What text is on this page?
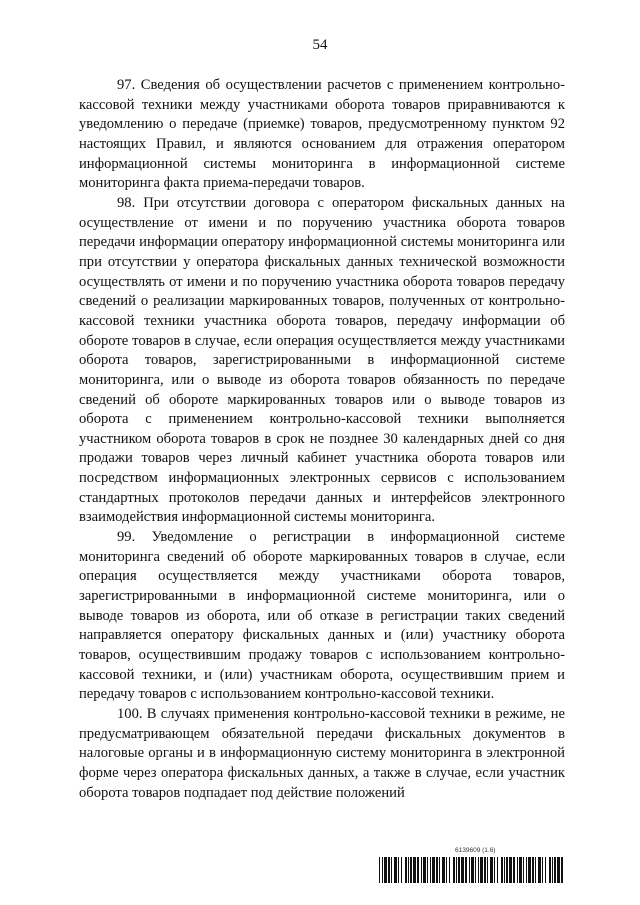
54

97. Сведения об осуществлении расчетов с применением контрольно-кассовой техники между участниками оборота товаров приравниваются к уведомлению о передаче (приемке) товаров, предусмотренному пунктом 92 настоящих Правил, и являются основанием для отражения оператором информационной системы мониторинга в информационной системе мониторинга факта приема-передачи товаров.

98. При отсутствии договора с оператором фискальных данных на осуществление от имени и по поручению участника оборота товаров передачи информации оператору информационной системы мониторинга или при отсутствии у оператора фискальных данных технической возможности осуществлять от имени и по поручению участника оборота товаров передачу сведений о реализации маркированных товаров, полученных от контрольно-кассовой техники участника оборота товаров, передачу информации об обороте товаров в случае, если операция осуществляется между участниками оборота товаров, зарегистрированными в информационной системе мониторинга, или о выводе из оборота товаров обязанность по передаче сведений об обороте маркированных товаров или о выводе товаров из оборота с применением контрольно-кассовой техники выполняется участником оборота товаров в срок не позднее 30 календарных дней со дня продажи товаров через личный кабинет участника оборота товаров или посредством информационных электронных сервисов с использованием стандартных протоколов передачи данных и интерфейсов электронного взаимодействия информационной системы мониторинга.

99. Уведомление о регистрации в информационной системе мониторинга сведений об обороте маркированных товаров в случае, если операция осуществляется между участниками оборота товаров, зарегистрированными в информационной системе мониторинга, или о выводе товаров из оборота, или об отказе в регистрации таких сведений направляется оператору фискальных данных и (или) участнику оборота товаров, осуществившим продажу товаров с использованием контрольно-кассовой техники, и (или) участникам оборота, осуществившим прием и передачу товаров с использованием контрольно-кассовой техники.

100. В случаях применения контрольно-кассовой техники в режиме, не предусматривающем обязательной передачи фискальных документов в налоговые органы и в информационную систему мониторинга в электронной форме через оператора фискальных данных, а также в случае, если участник оборота товаров подпадает под действие положений

6139609 (1.6)
